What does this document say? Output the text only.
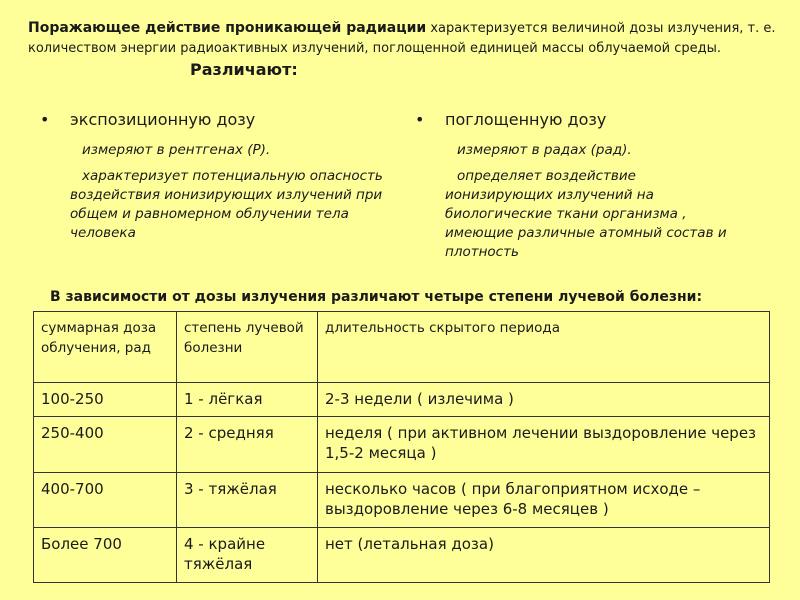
Поражающее действие проникающей радиации характеризуется величиной дозы излучения, т. е. количеством энергии радиоактивных излучений, поглощенной единицей массы облучаемой среды.

Различают:

•	экспозиционную дозу

измеряют в рентгенах (Р).

характеризует потенциальную опасность воздействия ионизирующих излучений при общем и равномерном облучении тела человека

•	поглощенную дозу

измеряют в радах (рад).

определяет воздействие ионизирующих излучений на биологические ткани организма , имеющие различные атомный состав и плотность

В зависимости от дозы излучения различают четыре степени лучевой болезни:

суммарная доза облучения, рад	степень лучевой болезни	длительность скрытого периода
100-250	1 - лёгкая	2-3 недели ( излечима )
250-400	2 - средняя	неделя ( при активном лечении выздоровление через 1,5-2 месяца )
400-700	3 - тяжёлая	несколько часов ( при благоприятном исходе – выздоровление через 6-8 месяцев )
Более 700	4 - крайне тяжёлая	нет (летальная доза)
